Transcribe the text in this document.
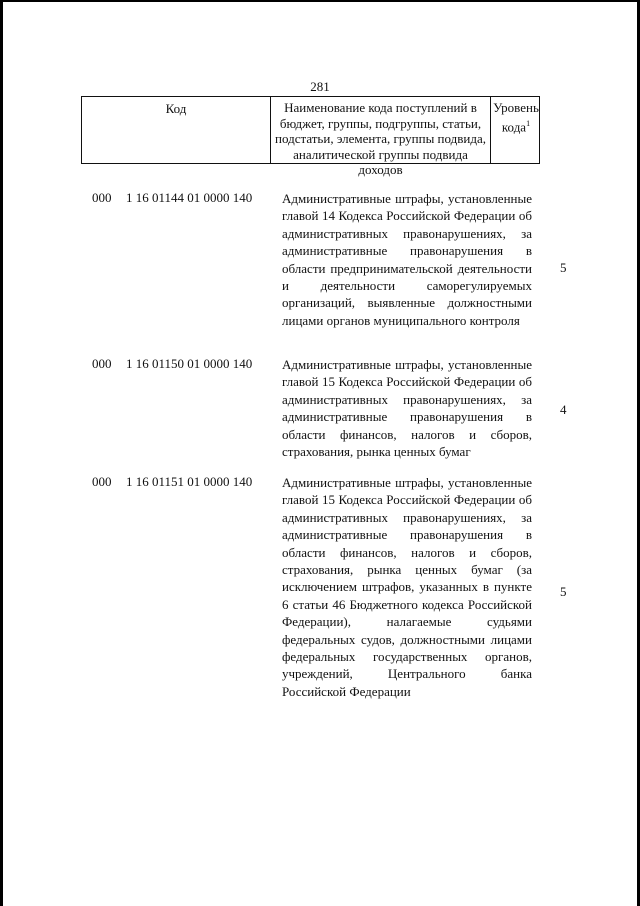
281
Код	Наименование кода поступлений в бюджет, группы, подгруппы, статьи, подстатьи, элемента, группы подвида, аналитической группы подвида доходов
Уровень кода$^1$
000 1 16 01144 01 0000 140 Административные штрафы, установленные главой 14 Кодекса Российской Федерации об административных правонарушениях, за административные правонарушения в области предпринимательской деятельности и деятельности саморегулируемых организаций, выявленные должностными лицами органов муниципального контроля
5
000 1 16 01150 01 0000 140 Административные штрафы, установленные главой 15 Кодекса Российской Федерации об административных правонарушениях, за административные правонарушения в области финансов, налогов и сборов, страхования, рынка ценных бумаг
4
000 1 16 01151 01 0000 140 Административные штрафы, установленные главой 15 Кодекса Российской Федерации об административных правонарушениях, за административные правонарушения в области финансов, налогов и сборов, страхования, рынка ценных бумаг (за исключением штрафов, указанных в пункте 6 статьи 46 Бюджетного кодекса Российской Федерации), налагаемые судьями федеральных судов, должностными лицами федеральных государственных органов, учреждений, Центрального банка Российской Федерации
5
